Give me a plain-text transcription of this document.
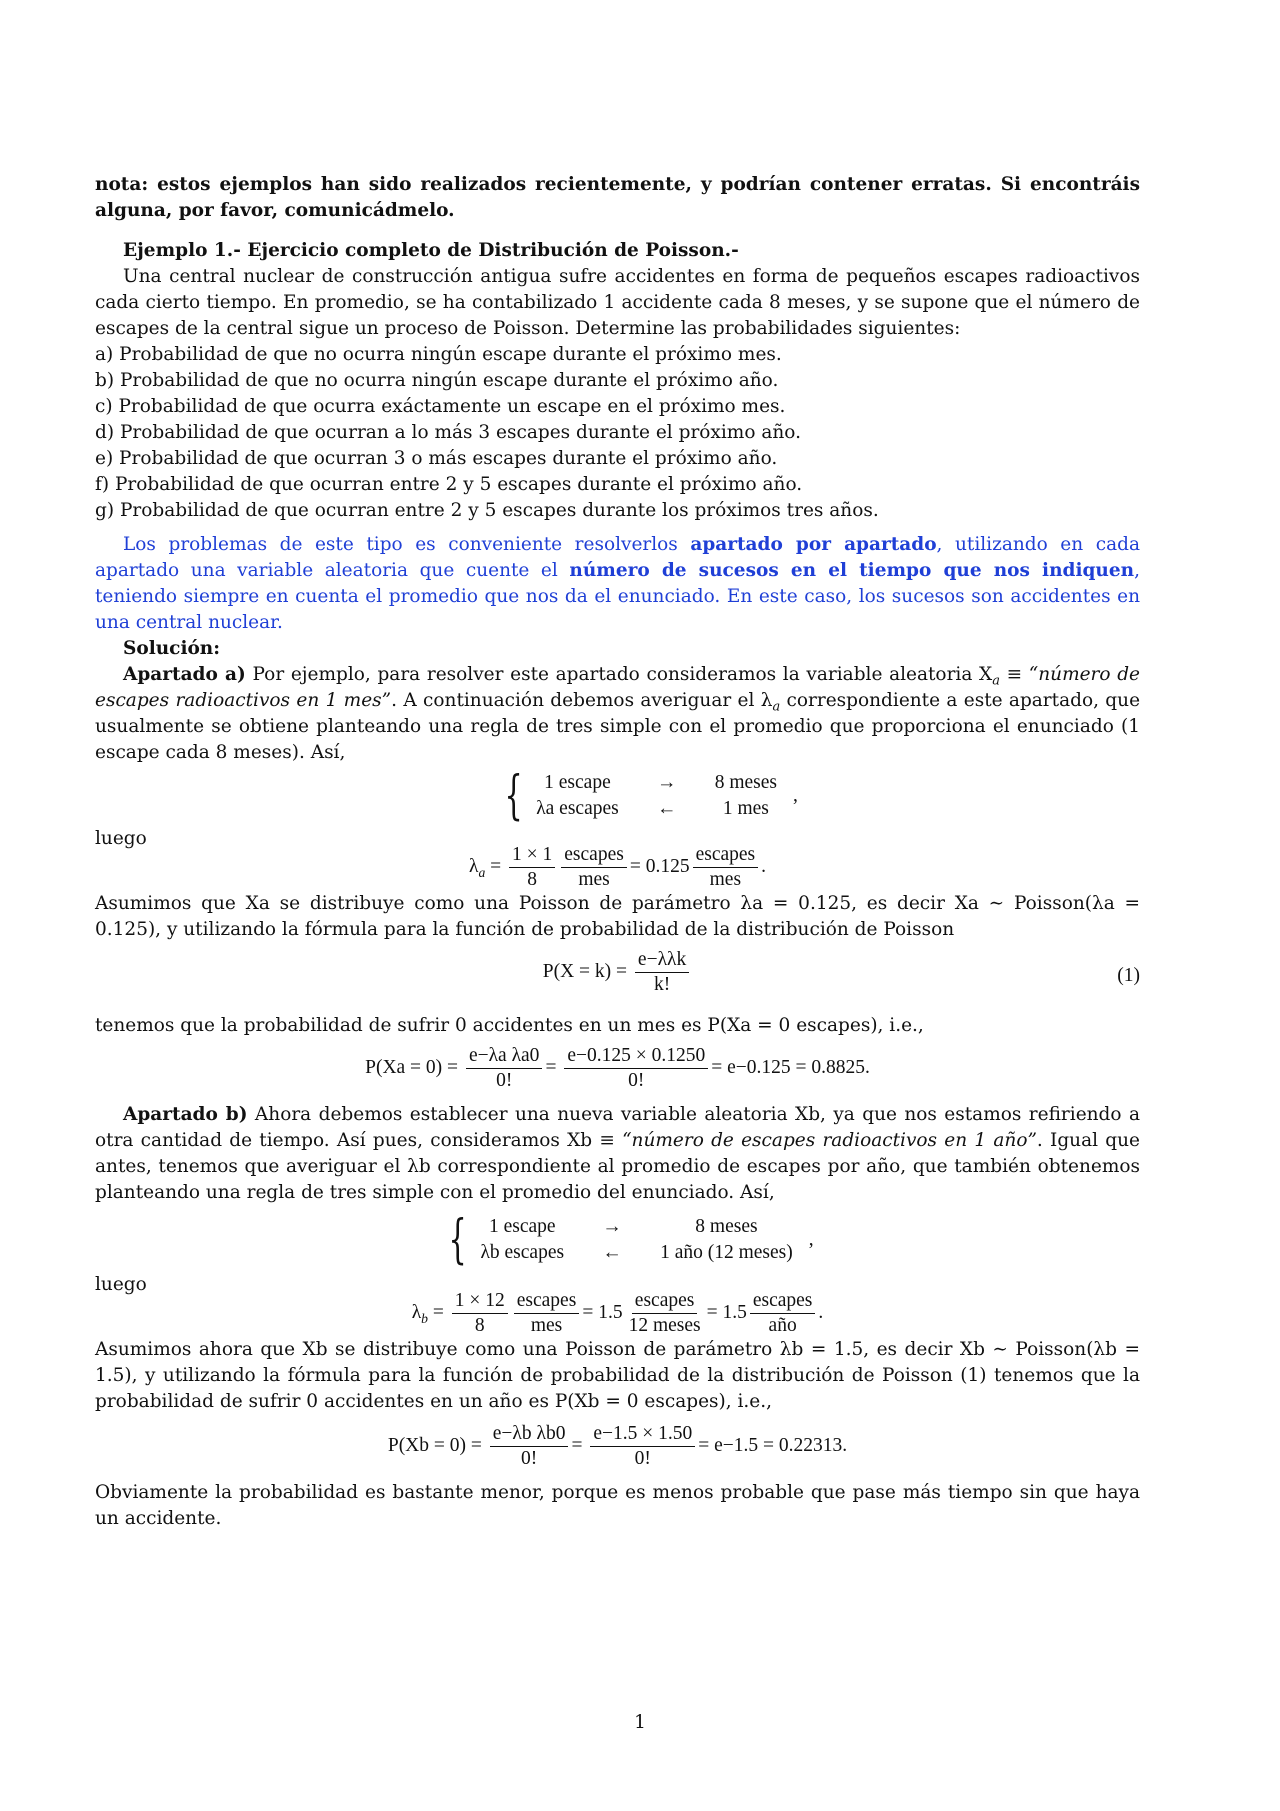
nota: estos ejemplos han sido realizados recientemente, y podrían contener erratas. Si encontráis alguna, por favor, comunicádmelo.

Ejemplo 1.- Ejercicio completo de Distribución de Poisson.-

Una central nuclear de construcción antigua sufre accidentes en forma de pequeños escapes radioactivos cada cierto tiempo. En promedio, se ha contabilizado 1 accidente cada 8 meses, y se supone que el número de escapes de la central sigue un proceso de Poisson. Determine las probabilidades siguientes:

a) Probabilidad de que no ocurra ningún escape durante el próximo mes.

b) Probabilidad de que no ocurra ningún escape durante el próximo año.

c) Probabilidad de que ocurra exáctamente un escape en el próximo mes.

d) Probabilidad de que ocurran a lo más 3 escapes durante el próximo año.

e) Probabilidad de que ocurran 3 o más escapes durante el próximo año.

f) Probabilidad de que ocurran entre 2 y 5 escapes durante el próximo año.

g) Probabilidad de que ocurran entre 2 y 5 escapes durante los próximos tres años.

Los problemas de este tipo es conveniente resolverlos apartado por apartado, utilizando en cada apartado una variable aleatoria que cuente el número de sucesos en el tiempo que nos indiquen, teniendo siempre en cuenta el promedio que nos da el enunciado. En este caso, los sucesos son accidentes en una central nuclear.

Solución:

Apartado a) Por ejemplo, para resolver este apartado consideramos la variable aleatoria $X_a$ ≡ “número de escapes radioactivos en 1 mes”. A continuación debemos averiguar el $\lambda_a$ correspondiente a este apartado, que usualmente se obtiene planteando una regla de tres simple con el promedio que proporciona el enunciado (1 escape cada 8 meses). Así,

{	1 escape	→	8 meses
λa escapes	←	1 mes
,

luego

$\lambda_a = \frac{1 \times 1}{8} \frac{\text{escapes}}{\text{mes}} = 0.125 \frac{\text{escapes}}{\text{mes}}$ .

Asumimos que Xa se distribuye como una Poisson de parámetro λa = 0.125, es decir Xa ∼ Poisson(λa = 0.125), y utilizando la fórmula para la función de probabilidad de la distribución de Poisson

$P(X = k) = \frac{\text{e−λλk}}{k!}$	(1)

tenemos que la probabilidad de sufrir 0 accidentes en un mes es P(Xa = 0 escapes), i.e.,

$P(Xa = 0) = \frac{\text{e−λa λa0}}{0!} = \frac{e-0.125 \times 0.1250}{0!} = e-0.125 = 0.8825$.

Apartado b) Ahora debemos establecer una nueva variable aleatoria Xb, ya que nos estamos refiriendo a otra cantidad de tiempo. Así pues, consideramos Xb ≡ “número de escapes radioactivos en 1 año”. Igual que antes, tenemos que averiguar el λb correspondiente al promedio de escapes por año, que también obtenemos planteando una regla de tres simple con el promedio del enunciado. Así,

{	1 escape	→	8 meses
λb escapes	←	1 año (12 meses)
,

luego

$\lambda_b = \frac{1 \times 12}{8} \frac{\text{escapes}}{\text{mes}} = 1.5 \frac{\text{escapes}}{\text{12 meses}} = 1.5 \frac{\text{escapes}}{\text{año}}$ .

Asumimos ahora que Xb se distribuye como una Poisson de parámetro λb = 1.5, es decir Xb ∼ Poisson(λb = 1.5), y utilizando la fórmula para la función de probabilidad de la distribución de Poisson (1) tenemos que la probabilidad de sufrir 0 accidentes en un año es P(Xb = 0 escapes), i.e.,

$P(Xb = 0) = \frac{\text{e−λb λb0}}{0!} = \frac{e-1.5 \times 1.50}{0!} = e-1.5 = 0.22313$.

Obviamente la probabilidad es bastante menor, porque es menos probable que pase más tiempo sin que haya un accidente.

1
